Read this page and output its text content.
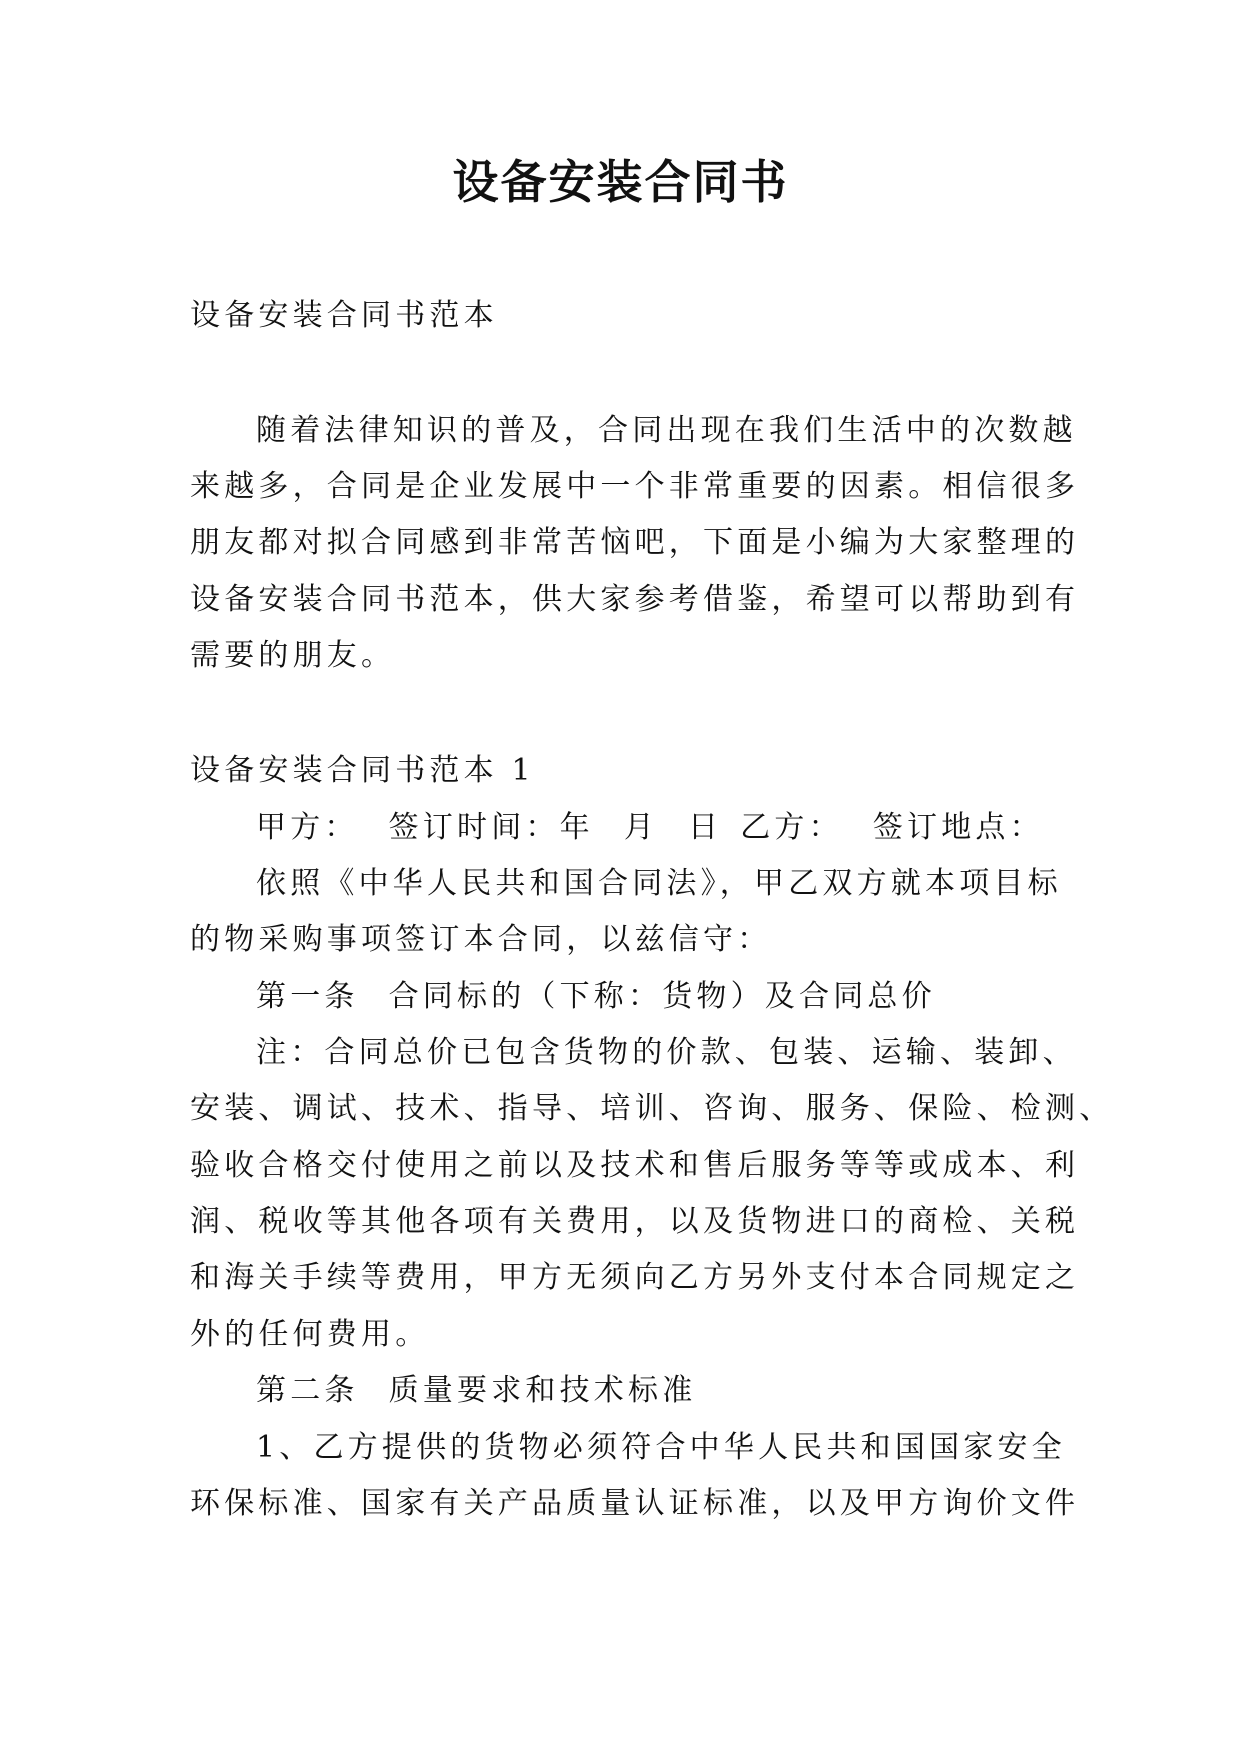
设备安装合同书

设备安装合同书范本

随着法律知识的普及，合同出现在我们生活中的次数越

来越多，合同是企业发展中一个非常重要的因素。相信很多

朋友都对拟合同感到非常苦恼吧，下面是小编为大家整理的

设备安装合同书范本，供大家参考借鉴，希望可以帮助到有

需要的朋友。

设备安装合同书范本 1

甲方： 签订时间：年 月 日 乙方： 签订地点：

依照《中华人民共和国合同法》，甲乙双方就本项目标

的物采购事项签订本合同，以兹信守：

第一条 合同标的（下称：货物）及合同总价

注：合同总价已包含货物的价款、包装、运输、装卸、

安装、调试、技术、指导、培训、咨询、服务、保险、检测、

验收合格交付使用之前以及技术和售后服务等等或成本、利

润、税收等其他各项有关费用，以及货物进口的商检、关税

和海关手续等费用，甲方无须向乙方另外支付本合同规定之

外的任何费用。

第二条 质量要求和技术标准

1、乙方提供的货物必须符合中华人民共和国国家安全

环保标准、国家有关产品质量认证标准，以及甲方询价文件
